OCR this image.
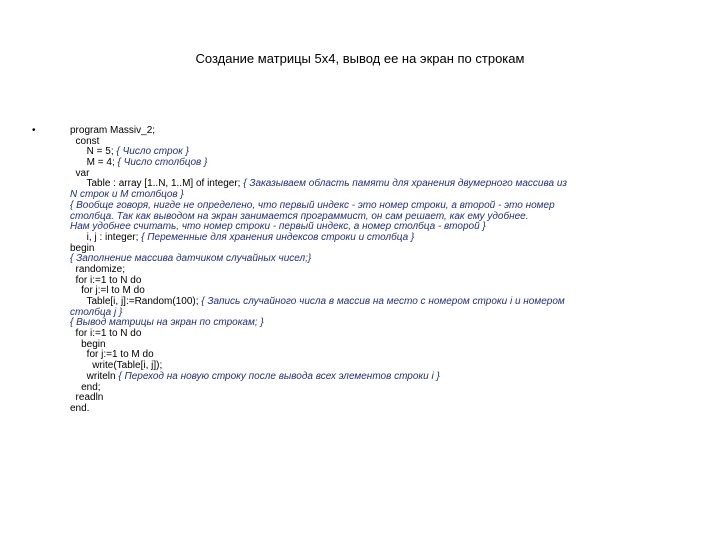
Создание матрицы 5x4, вывод ее на экран по строкам
•	program Massiv_2;
const
N = 5; { Число строк }
M = 4; { Число столбцов }
var
Table : array [1..N, 1..M] of integer; { Заказываем область памяти для хранения двумерного массива из
N строк и M столбцов }
{ Вообще говоря, нигде не определено, что первый индекс - это номер строки, а второй - это номер
столбца. Так как выводом на экран занимается программист, он сам решает, как ему удобнее.
Нам удобнее считать, что номер строки - первый индекс, а номер столбца - второй }
i, j : integer; { Переменные для хранения индексов строки и столбца }
begin
{ Заполнение массива датчиком случайных чисел;}
randomize;
for i:=1 to N do
for j:=l to M do
Table[i, j]:=Random(100); { Запись случайного числа в массив на место с номером строки i и номером
столбца j }
{ Вывод матрицы на экран по строкам; }
for i:=1 to N do
begin
for j:=1 to M do
write(Table[i, j]);
writeln { Переход на новую строку после вывода всех элементов строки i }
end;
readln
end.
